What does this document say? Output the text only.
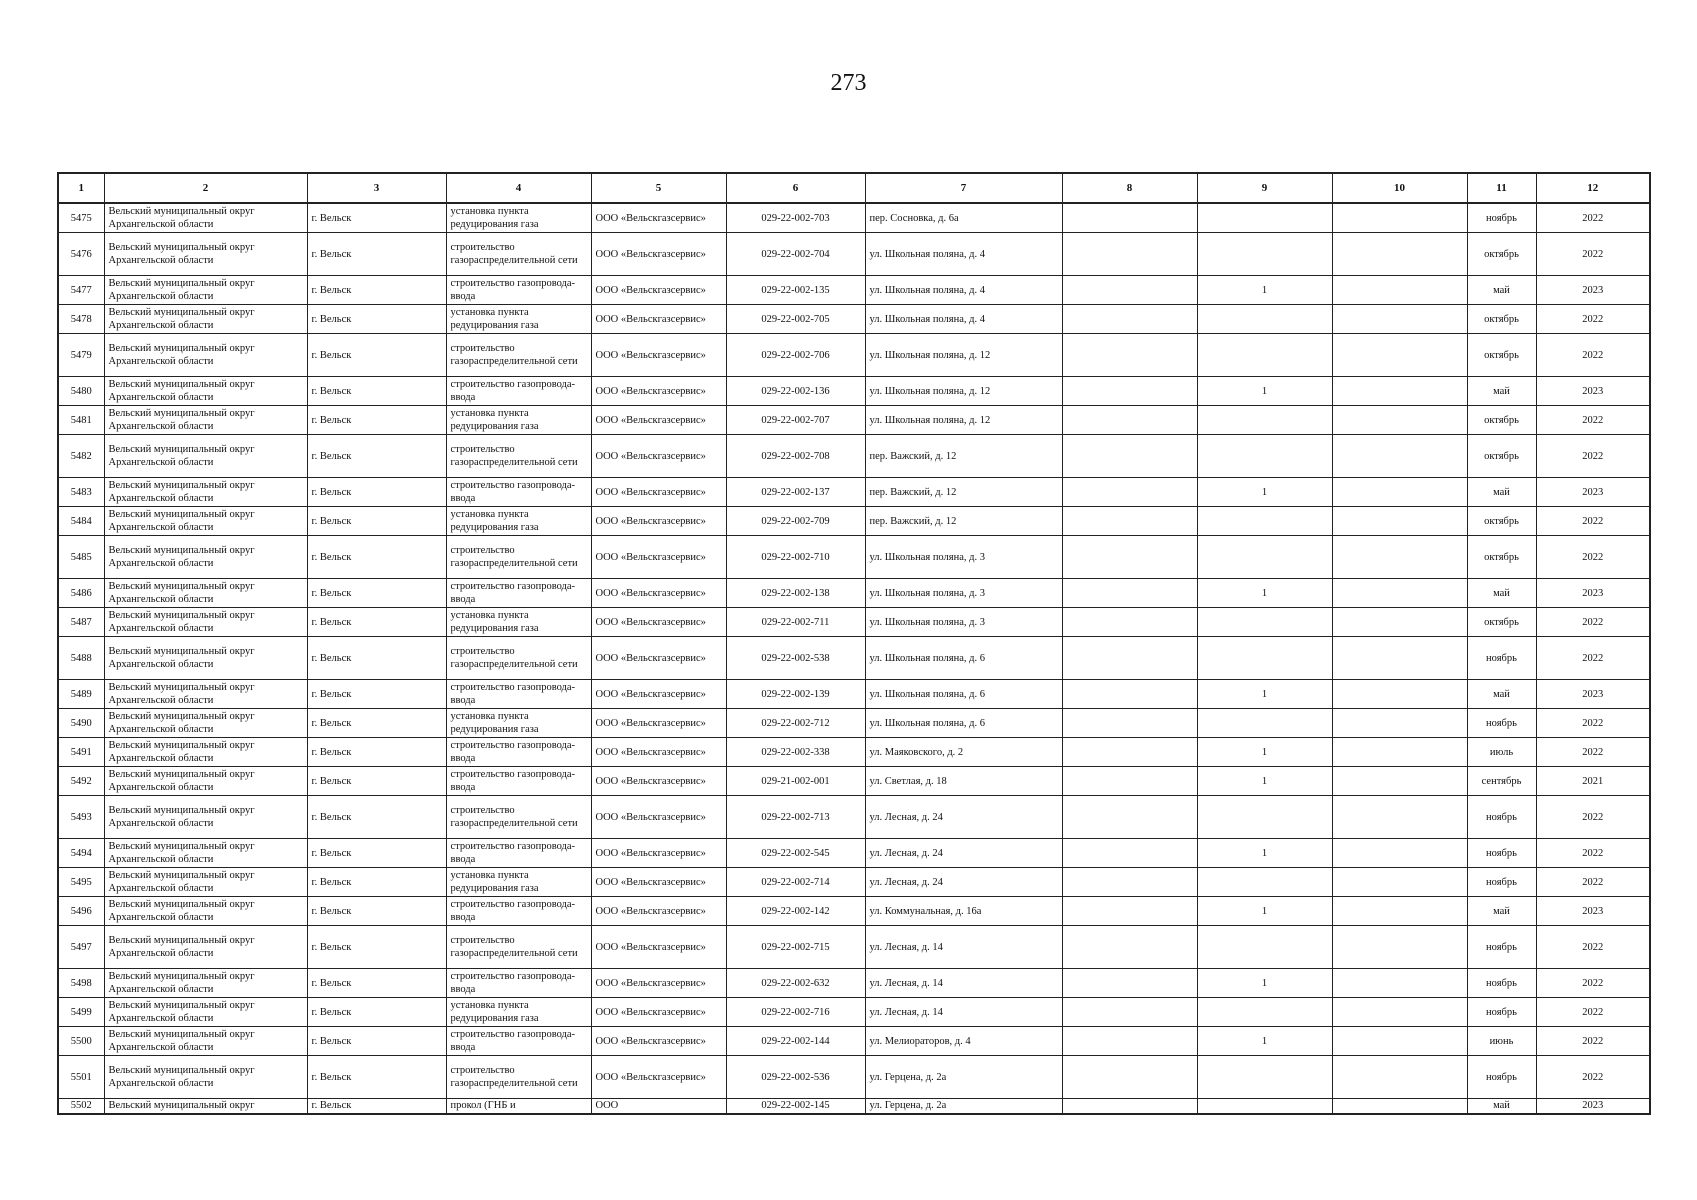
273
1	2	3	4	5	6	7	8	9	10	11	12
5475	Вельский муниципальный округ Архангельской области	г. Вельск	установка пункта редуцирования газа	ООО «Вельскгазсервис»	029-22-002-703	пер. Сосновка, д. 6а				ноябрь	2022
5476	Вельский муниципальный округ Архангельской области	г. Вельск	строительство газораспределительной сети	ООО «Вельскгазсервис»	029-22-002-704	ул. Школьная поляна, д. 4				октябрь	2022
5477	Вельский муниципальный округ Архангельской области	г. Вельск	строительство газопровода-ввода	ООО «Вельскгазсервис»	029-22-002-135	ул. Школьная поляна, д. 4		1		май	2023
5478	Вельский муниципальный округ Архангельской области	г. Вельск	установка пункта редуцирования газа	ООО «Вельскгазсервис»	029-22-002-705	ул. Школьная поляна, д. 4				октябрь	2022
5479	Вельский муниципальный округ Архангельской области	г. Вельск	строительство газораспределительной сети	ООО «Вельскгазсервис»	029-22-002-706	ул. Школьная поляна, д. 12				октябрь	2022
5480	Вельский муниципальный округ Архангельской области	г. Вельск	строительство газопровода-ввода	ООО «Вельскгазсервис»	029-22-002-136	ул. Школьная поляна, д. 12		1		май	2023
5481	Вельский муниципальный округ Архангельской области	г. Вельск	установка пункта редуцирования газа	ООО «Вельскгазсервис»	029-22-002-707	ул. Школьная поляна, д. 12				октябрь	2022
5482	Вельский муниципальный округ Архангельской области	г. Вельск	строительство газораспределительной сети	ООО «Вельскгазсервис»	029-22-002-708	пер. Важский, д. 12				октябрь	2022
5483	Вельский муниципальный округ Архангельской области	г. Вельск	строительство газопровода-ввода	ООО «Вельскгазсервис»	029-22-002-137	пер. Важский, д. 12		1		май	2023
5484	Вельский муниципальный округ Архангельской области	г. Вельск	установка пункта редуцирования газа	ООО «Вельскгазсервис»	029-22-002-709	пер. Важский, д. 12				октябрь	2022
5485	Вельский муниципальный округ Архангельской области	г. Вельск	строительство газораспределительной сети	ООО «Вельскгазсервис»	029-22-002-710	ул. Школьная поляна, д. 3				октябрь	2022
5486	Вельский муниципальный округ Архангельской области	г. Вельск	строительство газопровода-ввода	ООО «Вельскгазсервис»	029-22-002-138	ул. Школьная поляна, д. 3		1		май	2023
5487	Вельский муниципальный округ Архангельской области	г. Вельск	установка пункта редуцирования газа	ООО «Вельскгазсервис»	029-22-002-711	ул. Школьная поляна, д. 3				октябрь	2022
5488	Вельский муниципальный округ Архангельской области	г. Вельск	строительство газораспределительной сети	ООО «Вельскгазсервис»	029-22-002-538	ул. Школьная поляна, д. 6				ноябрь	2022
5489	Вельский муниципальный округ Архангельской области	г. Вельск	строительство газопровода-ввода	ООО «Вельскгазсервис»	029-22-002-139	ул. Школьная поляна, д. 6		1		май	2023
5490	Вельский муниципальный округ Архангельской области	г. Вельск	установка пункта редуцирования газа	ООО «Вельскгазсервис»	029-22-002-712	ул. Школьная поляна, д. 6				ноябрь	2022
5491	Вельский муниципальный округ Архангельской области	г. Вельск	строительство газопровода-ввода	ООО «Вельскгазсервис»	029-22-002-338	ул. Маяковского, д. 2		1		июль	2022
5492	Вельский муниципальный округ Архангельской области	г. Вельск	строительство газопровода-ввода	ООО «Вельскгазсервис»	029-21-002-001	ул. Светлая, д. 18		1		сентябрь	2021
5493	Вельский муниципальный округ Архангельской области	г. Вельск	строительство газораспределительной сети	ООО «Вельскгазсервис»	029-22-002-713	ул. Лесная, д. 24				ноябрь	2022
5494	Вельский муниципальный округ Архангельской области	г. Вельск	строительство газопровода-ввода	ООО «Вельскгазсервис»	029-22-002-545	ул. Лесная, д. 24		1		ноябрь	2022
5495	Вельский муниципальный округ Архангельской области	г. Вельск	установка пункта редуцирования газа	ООО «Вельскгазсервис»	029-22-002-714	ул. Лесная, д. 24				ноябрь	2022
5496	Вельский муниципальный округ Архангельской области	г. Вельск	строительство газопровода-ввода	ООО «Вельскгазсервис»	029-22-002-142	ул. Коммунальная, д. 16а		1		май	2023
5497	Вельский муниципальный округ Архангельской области	г. Вельск	строительство газораспределительной сети	ООО «Вельскгазсервис»	029-22-002-715	ул. Лесная, д. 14				ноябрь	2022
5498	Вельский муниципальный округ Архангельской области	г. Вельск	строительство газопровода-ввода	ООО «Вельскгазсервис»	029-22-002-632	ул. Лесная, д. 14		1		ноябрь	2022
5499	Вельский муниципальный округ Архангельской области	г. Вельск	установка пункта редуцирования газа	ООО «Вельскгазсервис»	029-22-002-716	ул. Лесная, д. 14				ноябрь	2022
5500	Вельский муниципальный округ Архангельской области	г. Вельск	строительство газопровода-ввода	ООО «Вельскгазсервис»	029-22-002-144	ул. Мелиораторов, д. 4		1		июнь	2022
5501	Вельский муниципальный округ Архангельской области	г. Вельск	строительство газораспределительной сети	ООО «Вельскгазсервис»	029-22-002-536	ул. Герцена, д. 2а				ноябрь	2022
5502	Вельский муниципальный округ	г. Вельск	прокол (ГНБ и	ООО	029-22-002-145	ул. Герцена, д. 2а				май	2023
